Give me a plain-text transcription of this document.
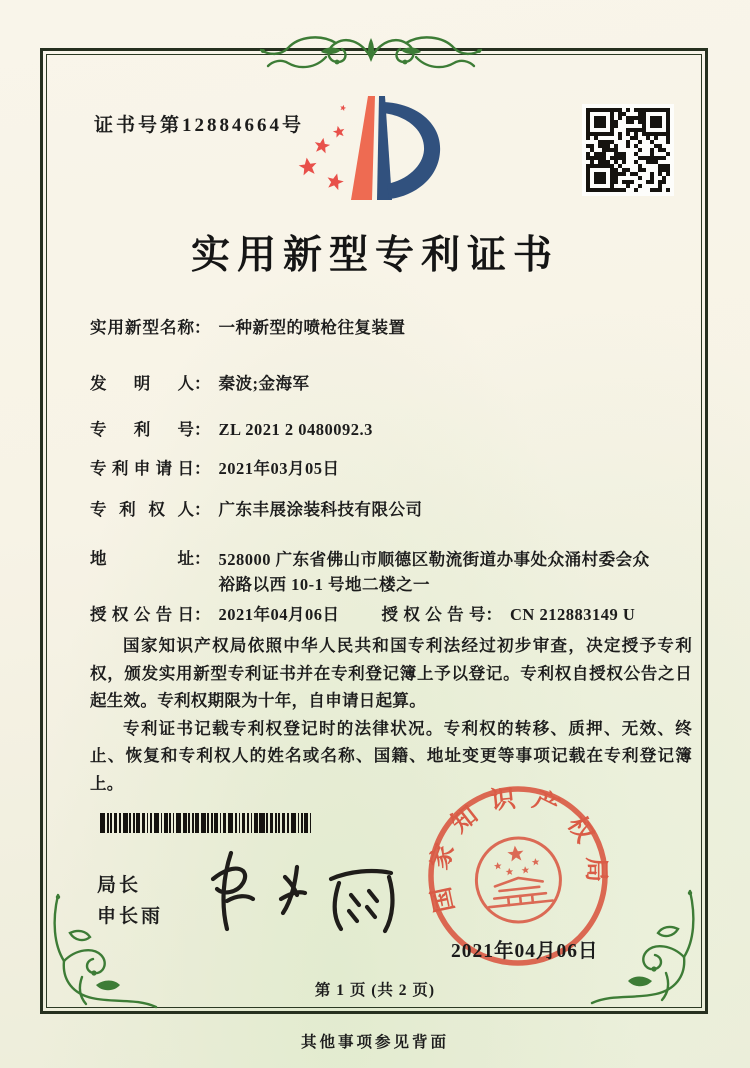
证书号第12884664号
实用新型专利证书
实用新型名称 ： 一种新型的喷枪往复装置
发明人 ： 秦波;金海军
专利号 ： ZL 2021 2 0480092.3
专利申请日 ： 2021年03月05日
专利权人 ： 广东丰展涂装科技有限公司
地址 ： 528000 广东省佛山市顺德区勒流街道办事处众涌村委会众裕路以西 10-1 号地二楼之一
授权公告日 ： 2021年04月06日	授权公告号 ： CN 212883149 U

国家知识产权局依照中华人民共和国专利法经过初步审查，决定授予专利权，颁发实用新型专利证书并在专利登记簿上予以登记。专利权自授权公告之日起生效。专利权期限为十年，自申请日起算。

专利证书记载专利权登记时的法律状况。专利权的转移、质押、无效、终止、恢复和专利权人的姓名或名称、国籍、地址变更等事项记载在专利登记簿上。

局长
申长雨
国家知识产权局
2021年04月06日
第 1 页 (共 2 页)
其他事项参见背面
